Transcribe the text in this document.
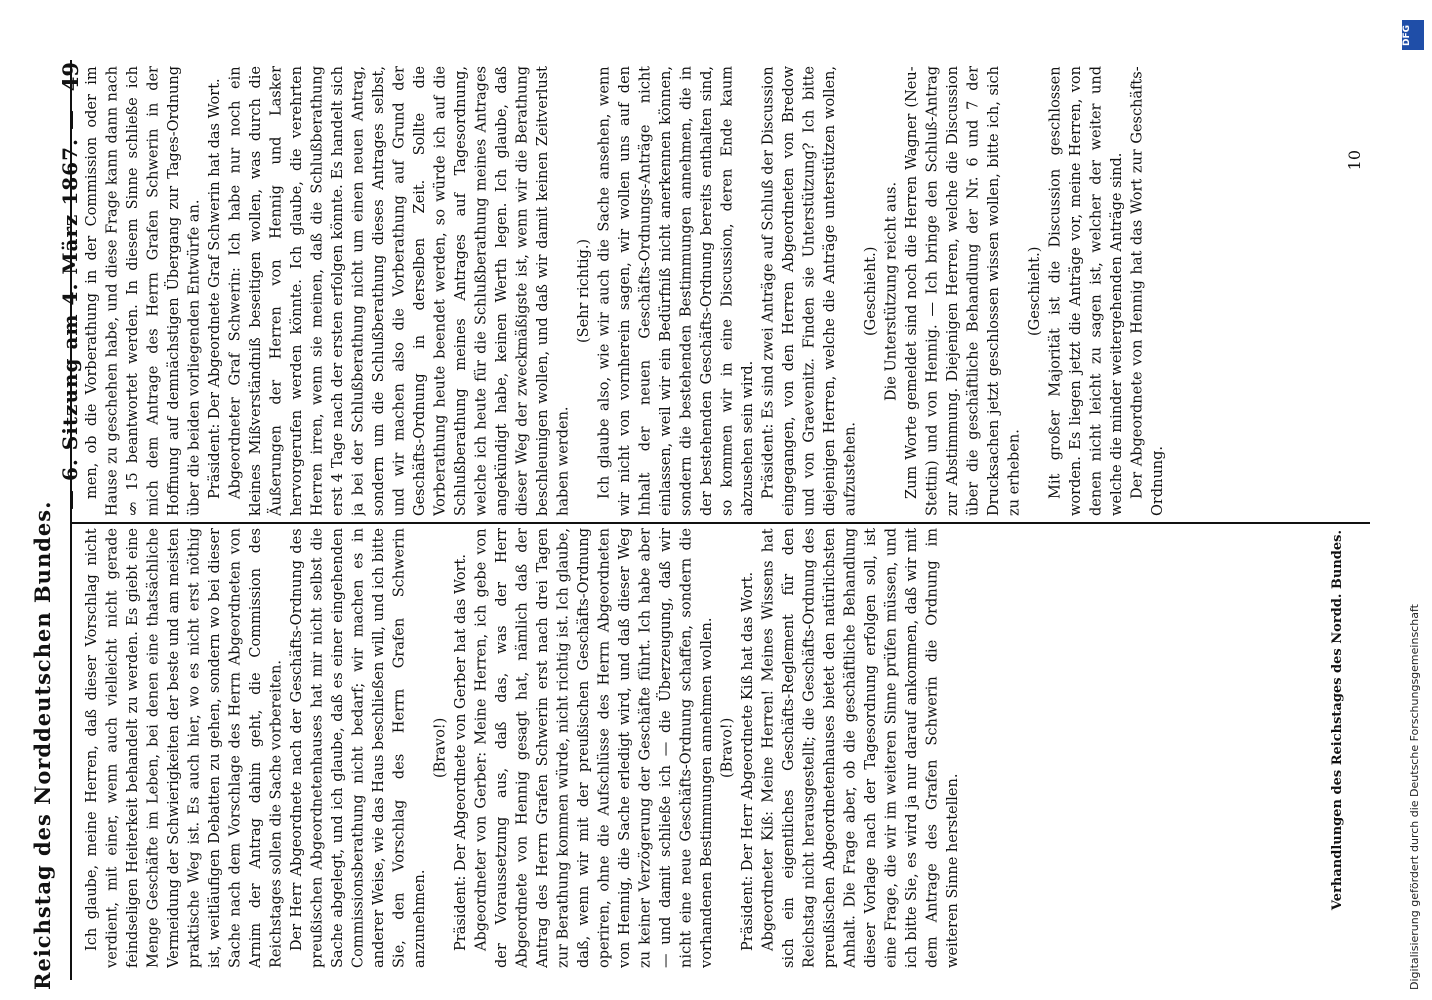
Reichstag des Norddeutschen Bundes.
— 6. Sitzung am 4. März 1867. —
49

Ich glaube, meine Herren, daß dieser Vorschlag nicht verdient, mit einer, wenn auch vielleicht nicht gerade feindseligen Heiterkeit behandelt zu werden. Es giebt eine Menge Geschäfte im Leben, bei denen eine thatsächliche Vermeidung der Schwierigkeiten der beste und am meisten praktische Weg ist. Es auch hier, wo es nicht erst nöthig ist, weitläufigen Debatten zu gehen, sondern wo bei dieser Sache nach dem Vorschlage des Herrn Abgeordneten von Arnim der Antrag dahin geht, die Commission des Reichstages sollen die Sache vorbereiten. Der Herr Abgeordnete nach der Geschäfts-Ordnung des preußischen Abgeordnetenhauses hat mir nicht selbst die Sache abgelegt, und ich glaube, daß es einer eingehenden Commissionsberathung nicht bedarf; wir machen es in anderer Weise, wie das Haus beschließen will, und ich bitte Sie, den Vorschlag des Herrn Grafen Schwerin anzunehmen.

(Bravo!) Präsident: Der Abgeordnete von Gerber hat das Wort. Abgeordneter von Gerber: Meine Herren, ich gebe von der Voraussetzung aus, daß das, was der Herr Abgeordnete von Hennig gesagt hat, nämlich daß der Antrag des Herrn Grafen Schwerin erst nach drei Tagen zur Berathung kommen würde, nicht richtig ist. Ich glaube, daß, wenn wir mit der preußischen Geschäfts-Ordnung operiren, ohne die Aufschlüsse des Herrn Abgeordneten von Hennig, die Sache erledigt wird, und daß dieser Weg zu keiner Verzögerung der Geschäfte führt. Ich habe aber — und damit schließe ich — die Überzeugung, daß wir nicht eine neue Geschäfts-Ordnung schaffen, sondern die vorhandenen Bestimmungen annehmen wollen. (Bravo!) Präsident: Der Herr Abgeordnete Kiß hat das Wort. Abgeordneter Kiß: Meine Herren! Meines Wissens hat sich ein eigentliches Geschäfts-Reglement für den Reichstag nicht herausgestellt; die Geschäfts-Ordnung des preußischen Abgeordnetenhauses bietet den natürlichsten Anhalt. Die Frage aber, ob die geschäftliche Behandlung dieser Vorlage nach der Tagesordnung erfolgen soll, ist eine Frage, die wir im weiteren Sinne prüfen müssen, und ich bitte Sie, es wird ja nur darauf ankommen, daß wir mit dem Antrage des Grafen Schwerin die Ordnung im weiteren Sinne herstellen.

men, ob die Vorberathung in der Commission oder im Hause zu geschehen habe, und diese Frage kann dann nach § 15 beantwortet werden. In diesem Sinne schließe ich mich dem Antrage des Herrn Grafen Schwerin in der Hoffnung auf demnächstigen Übergang zur Tages-Ordnung über die beiden vorliegenden Entwürfe an. Präsident: Der Abgeordnete Graf Schwerin hat das Wort. Abgeordneter Graf Schwerin: Ich habe nur noch ein kleines Mißverständniß beseitigen wollen, was durch die Äußerungen der Herren von Hennig und Lasker hervorgerufen werden könnte. Ich glaube, die verehrten Herren irren, wenn sie meinen, daß die Schlußberathung erst 4 Tage nach der ersten erfolgen könnte. Es handelt sich ja bei der Schlußberathung nicht um einen neuen Antrag, sondern um die Schlußberathung dieses Antrages selbst, und wir machen also die Vorberathung auf Grund der Geschäfts-Ordnung in derselben Zeit. Sollte die Vorberathung heute beendet werden, so würde ich auf die Schlußberathung meines Antrages auf Tagesordnung, welche ich heute für die Schlußberathung meines Antrages angekündigt habe, keinen Werth legen. Ich glaube, daß dieser Weg der zweckmäßigste ist, wenn wir die Berathung beschleunigen wollen, und daß wir damit keinen Zeitverlust haben werden.

(Sehr richtig.) Ich glaube also, wie wir auch die Sache ansehen, wenn wir nicht von vornherein sagen, wir wollen uns auf den Inhalt der neuen Geschäfts-Ordnungs-Anträge nicht einlassen, weil wir ein Bedürfniß nicht anerkennen können, sondern die bestehenden Bestimmungen annehmen, die in der bestehenden Geschäfts-Ordnung bereits enthalten sind, so kommen wir in eine Discussion, deren Ende kaum abzusehen sein wird. Präsident: Es sind zwei Anträge auf Schluß der Discussion eingegangen, von den Herren Abgeordneten von Bredow und von Graevenitz. Finden sie Unterstützung? Ich bitte diejenigen Herren, welche die Anträge unterstützen wollen, aufzustehen.

(Geschieht.) Die Unterstützung reicht aus. Zum Worte gemeldet sind noch die Herren Wagner (Neu-Stettin) und von Hennig. — Ich bringe den Schluß-Antrag zur Abstimmung. Diejenigen Herren, welche die Discussion über die geschäftliche Behandlung der Nr. 6 und 7 der Drucksachen jetzt geschlossen wissen wollen, bitte ich, sich zu erheben.

(Geschieht.) Mit großer Majorität ist die Discussion geschlossen worden. Es liegen jetzt die Anträge vor, meine Herren, von denen nicht leicht zu sagen ist, welcher der weiter und welche die minder weitergehenden Anträge sind. Der Abgeordnete von Hennig hat das Wort zur Geschäfts-Ordnung.

Verhandlungen des Reichstages des Nordd. Bundes.
10
DFG
Digitalisierung gefördert durch die Deutsche Forschungsgemeinschaft
